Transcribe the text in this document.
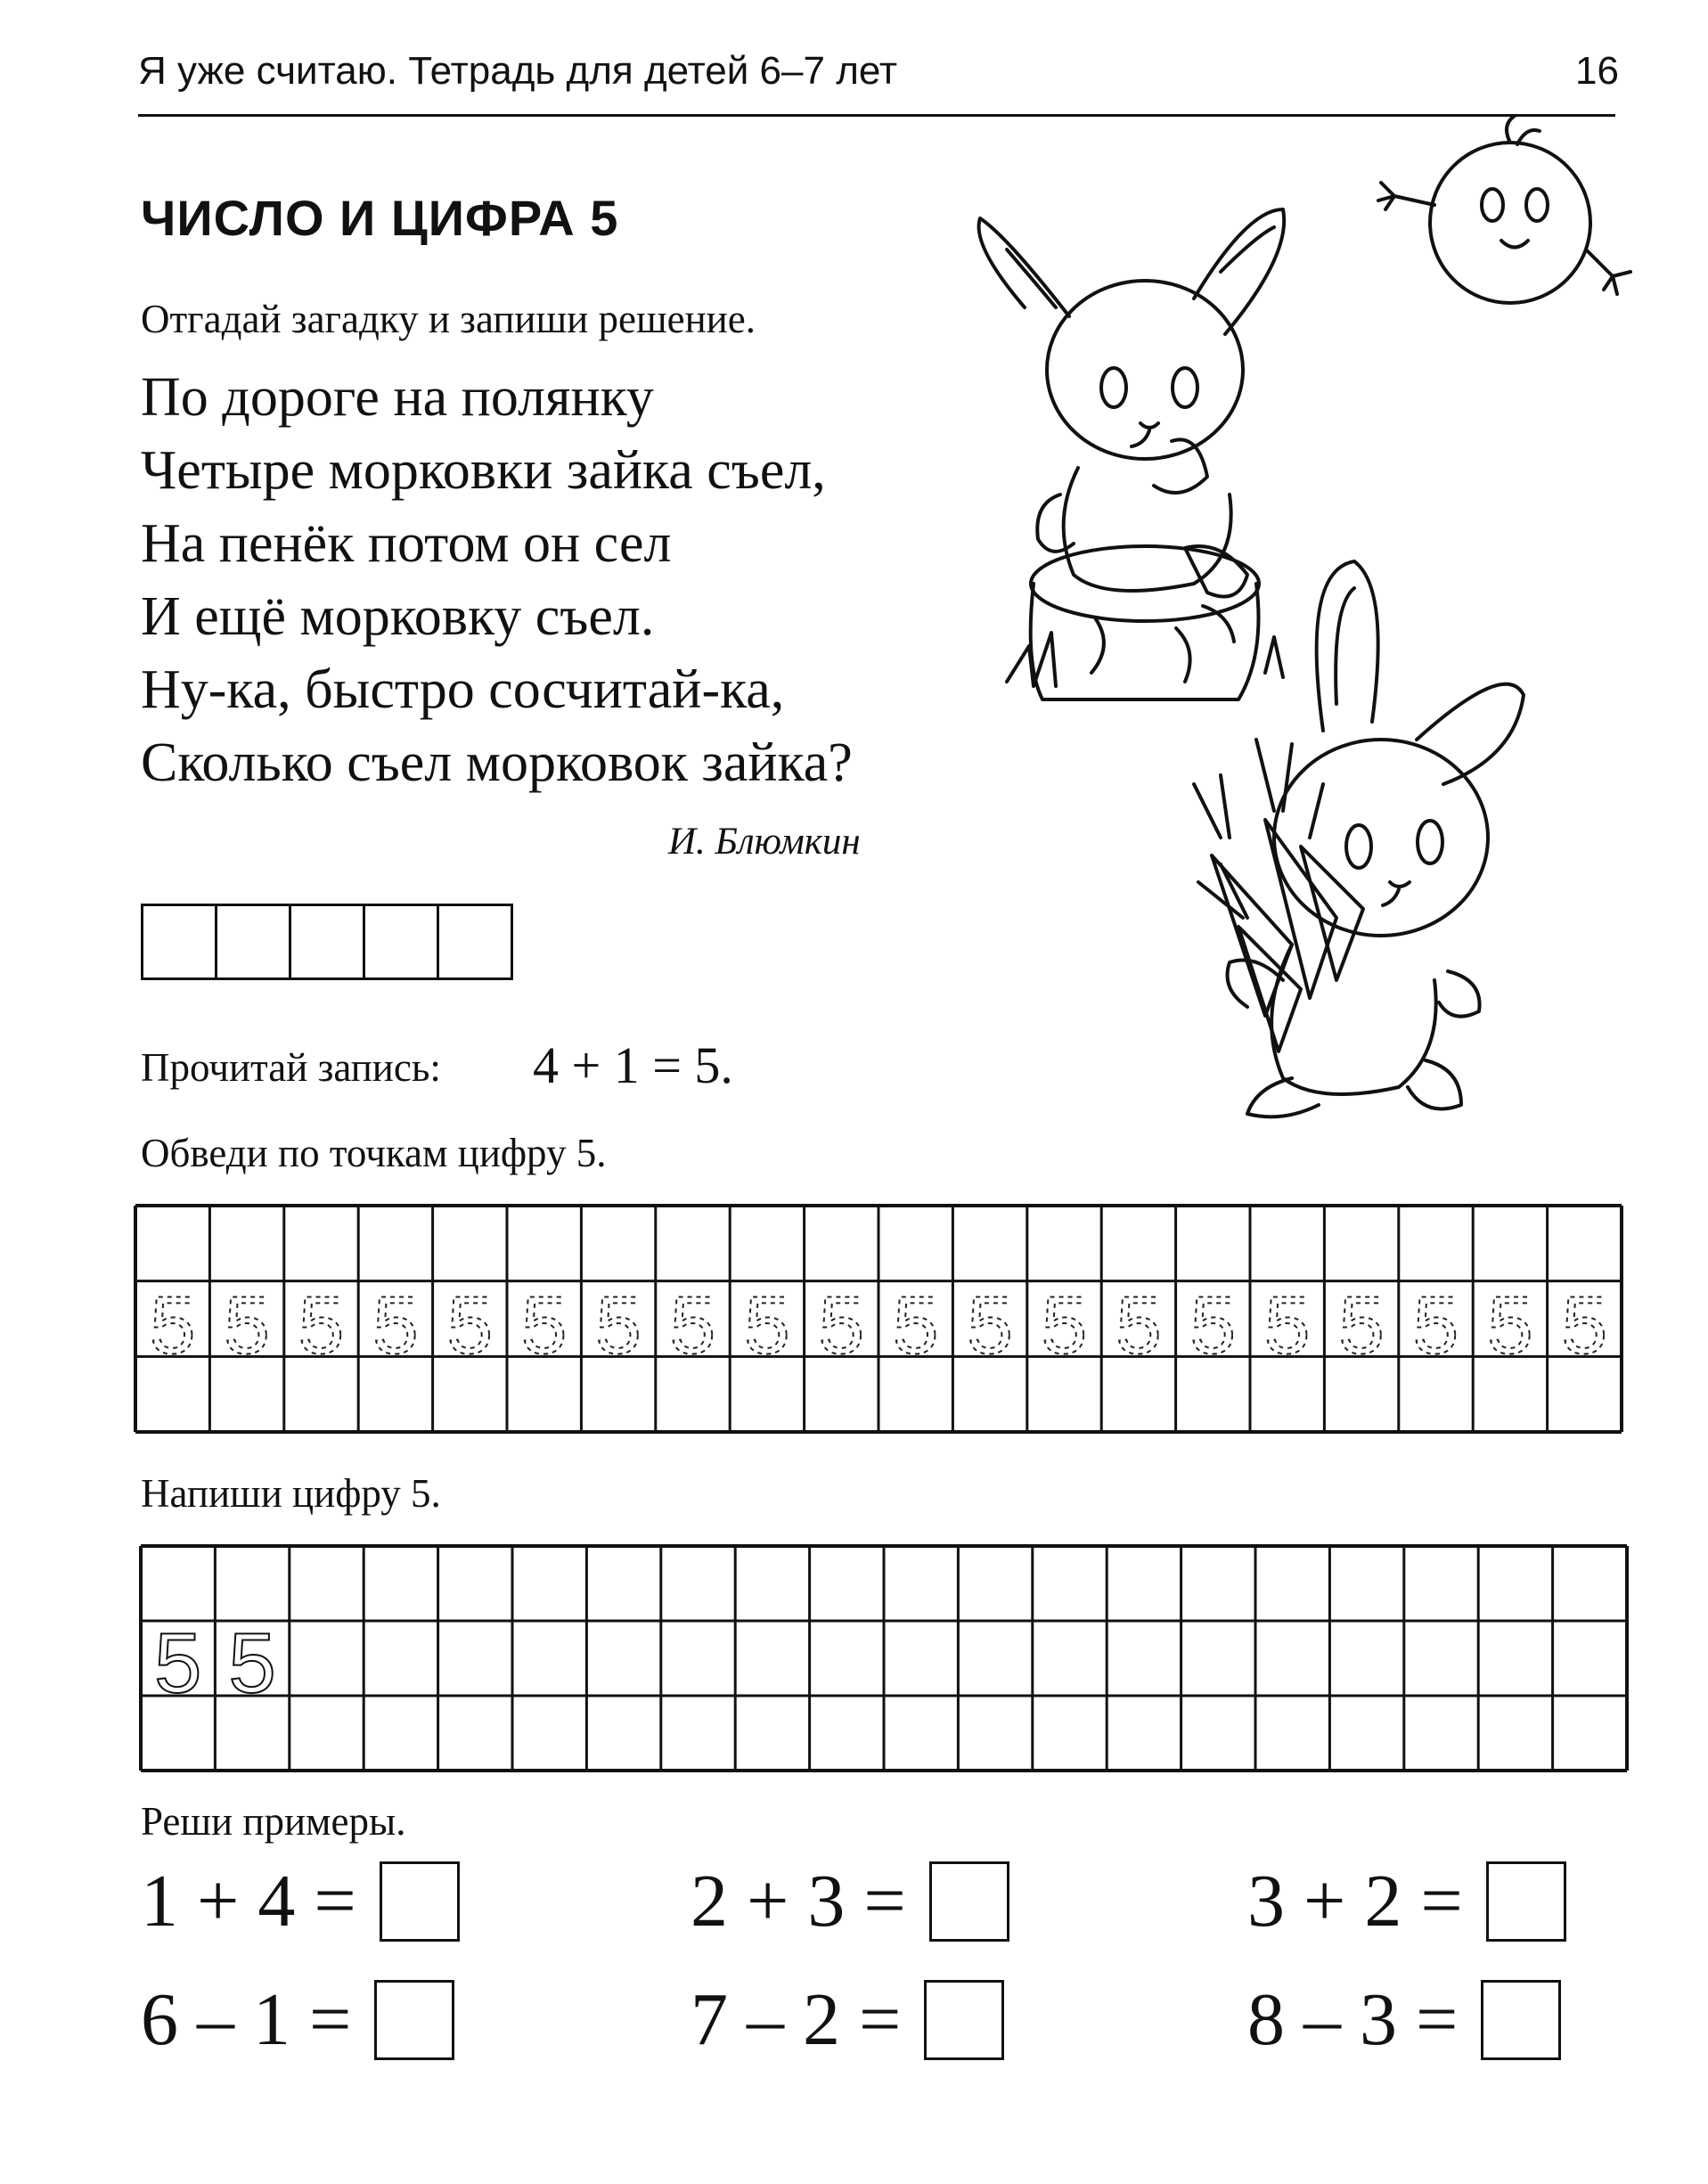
Я уже считаю. Тетрадь для детей 6–7 лет	16
ЧИСЛО И ЦИФРА 5
Отгадай загадку и запиши решение.
По дороге на полянку
Четыре морковки зайка съел,
На пенёк потом он сел
И ещё морковку съел.
Ну-ка, быстро сосчитай-ка,
Сколько съел морковок зайка?
И. Блюмкин
Прочитай запись: 4 + 1 = 5.
Обведи по точкам цифру 5.
5 5 5 5 5 5 5 5 5 5 5 5 5 5 5 5 5 5 5 5
Напиши цифру 5.
5 5
Реши примеры.
1 + 4 =	2 + 3 =	3 + 2 =
6 – 1 =	7 – 2 =	8 – 3 =
